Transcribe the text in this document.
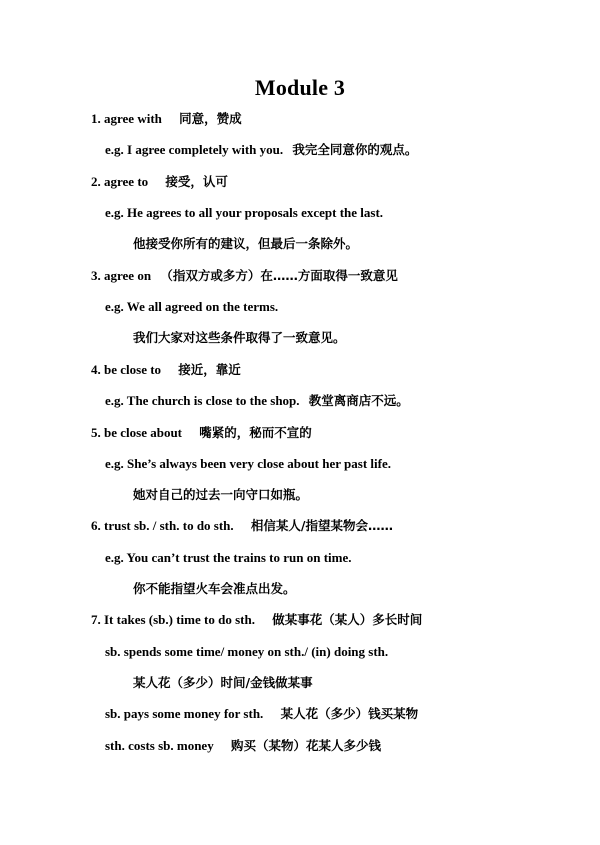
Module 3
1. agree with 同意，赞成
e.g. I agree completely with you. 我完全同意你的观点。
2. agree to 接受，认可
e.g. He agrees to all your proposals except the last.
他接受你所有的建议，但最后一条除外。
3. agree on （指双方或多方）在……方面取得一致意见
e.g. We all agreed on the terms.
我们大家对这些条件取得了一致意见。
4. be close to 接近，靠近
e.g. The church is close to the shop. 教堂离商店不远。
5. be close about 嘴紧的，秘而不宣的
e.g. She’s always been very close about her past life.
她对自己的过去一向守口如瓶。
6. trust sb. / sth. to do sth. 相信某人/指望某物会……
e.g. You can’t trust the trains to run on time.
你不能指望火车会准点出发。
7. It takes (sb.) time to do sth. 做某事花（某人）多长时间
sb. spends some time/ money on sth./ (in) doing sth.
某人花（多少）时间/金钱做某事
sb. pays some money for sth. 某人花（多少）钱买某物
sth. costs sb. money 购买（某物）花某人多少钱
